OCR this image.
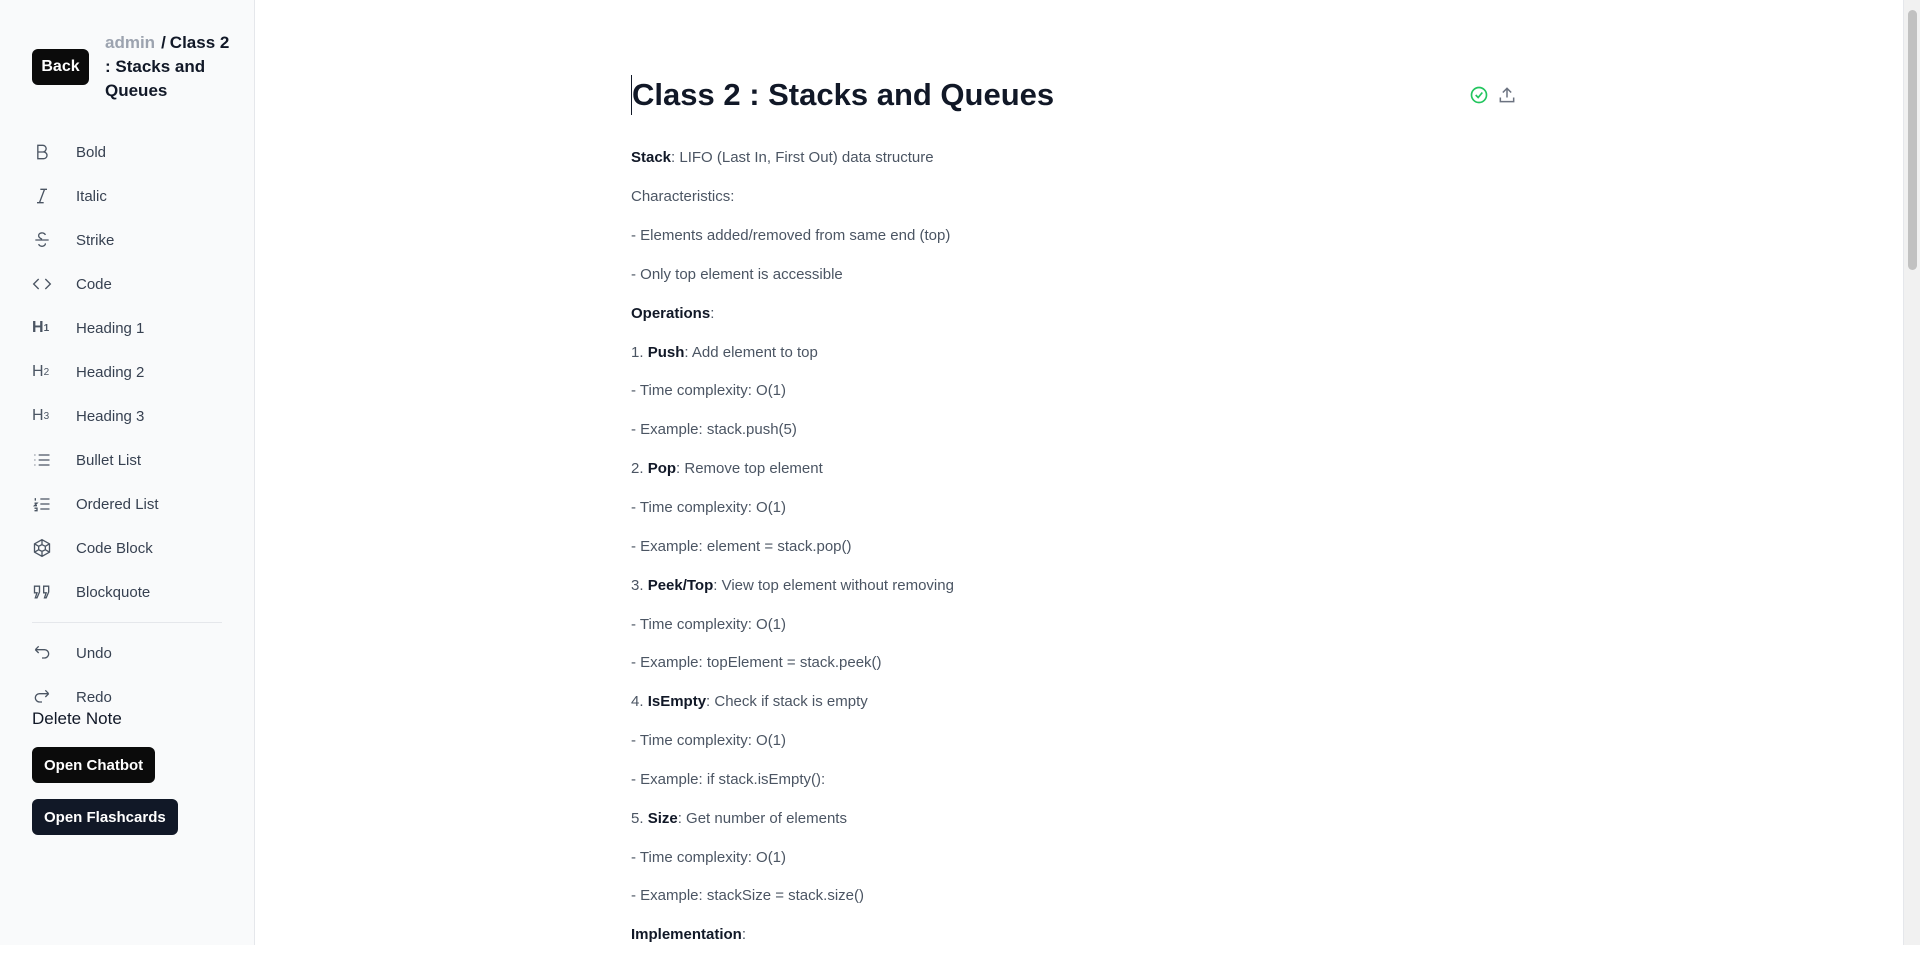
Back
admin / Class 2 : Stacks and Queues
Bold
Italic
Strike
Code
H 1 Heading 1
H 2 Heading 2
H 3 Heading 3
Bullet List
Ordered List
Code Block
Blockquote
Undo
Redo
Delete Note
Open Chatbot
Open Flashcards
Class 2 : Stacks and Queues

Stack : LIFO (Last In, First Out) data structure

Characteristics:

- Elements added/removed from same end (top)

- Only top element is accessible

Operations :

1. Push : Add element to top

- Time complexity: O(1)

- Example: stack.push(5)

2. Pop : Remove top element

- Time complexity: O(1)

- Example: element = stack.pop()

3. Peek/Top : View top element without removing

- Time complexity: O(1)

- Example: topElement = stack.peek()

4. IsEmpty : Check if stack is empty

- Time complexity: O(1)

- Example: if stack.isEmpty():

5. Size : Get number of elements

- Time complexity: O(1)

- Example: stackSize = stack.size()

Implementation :
